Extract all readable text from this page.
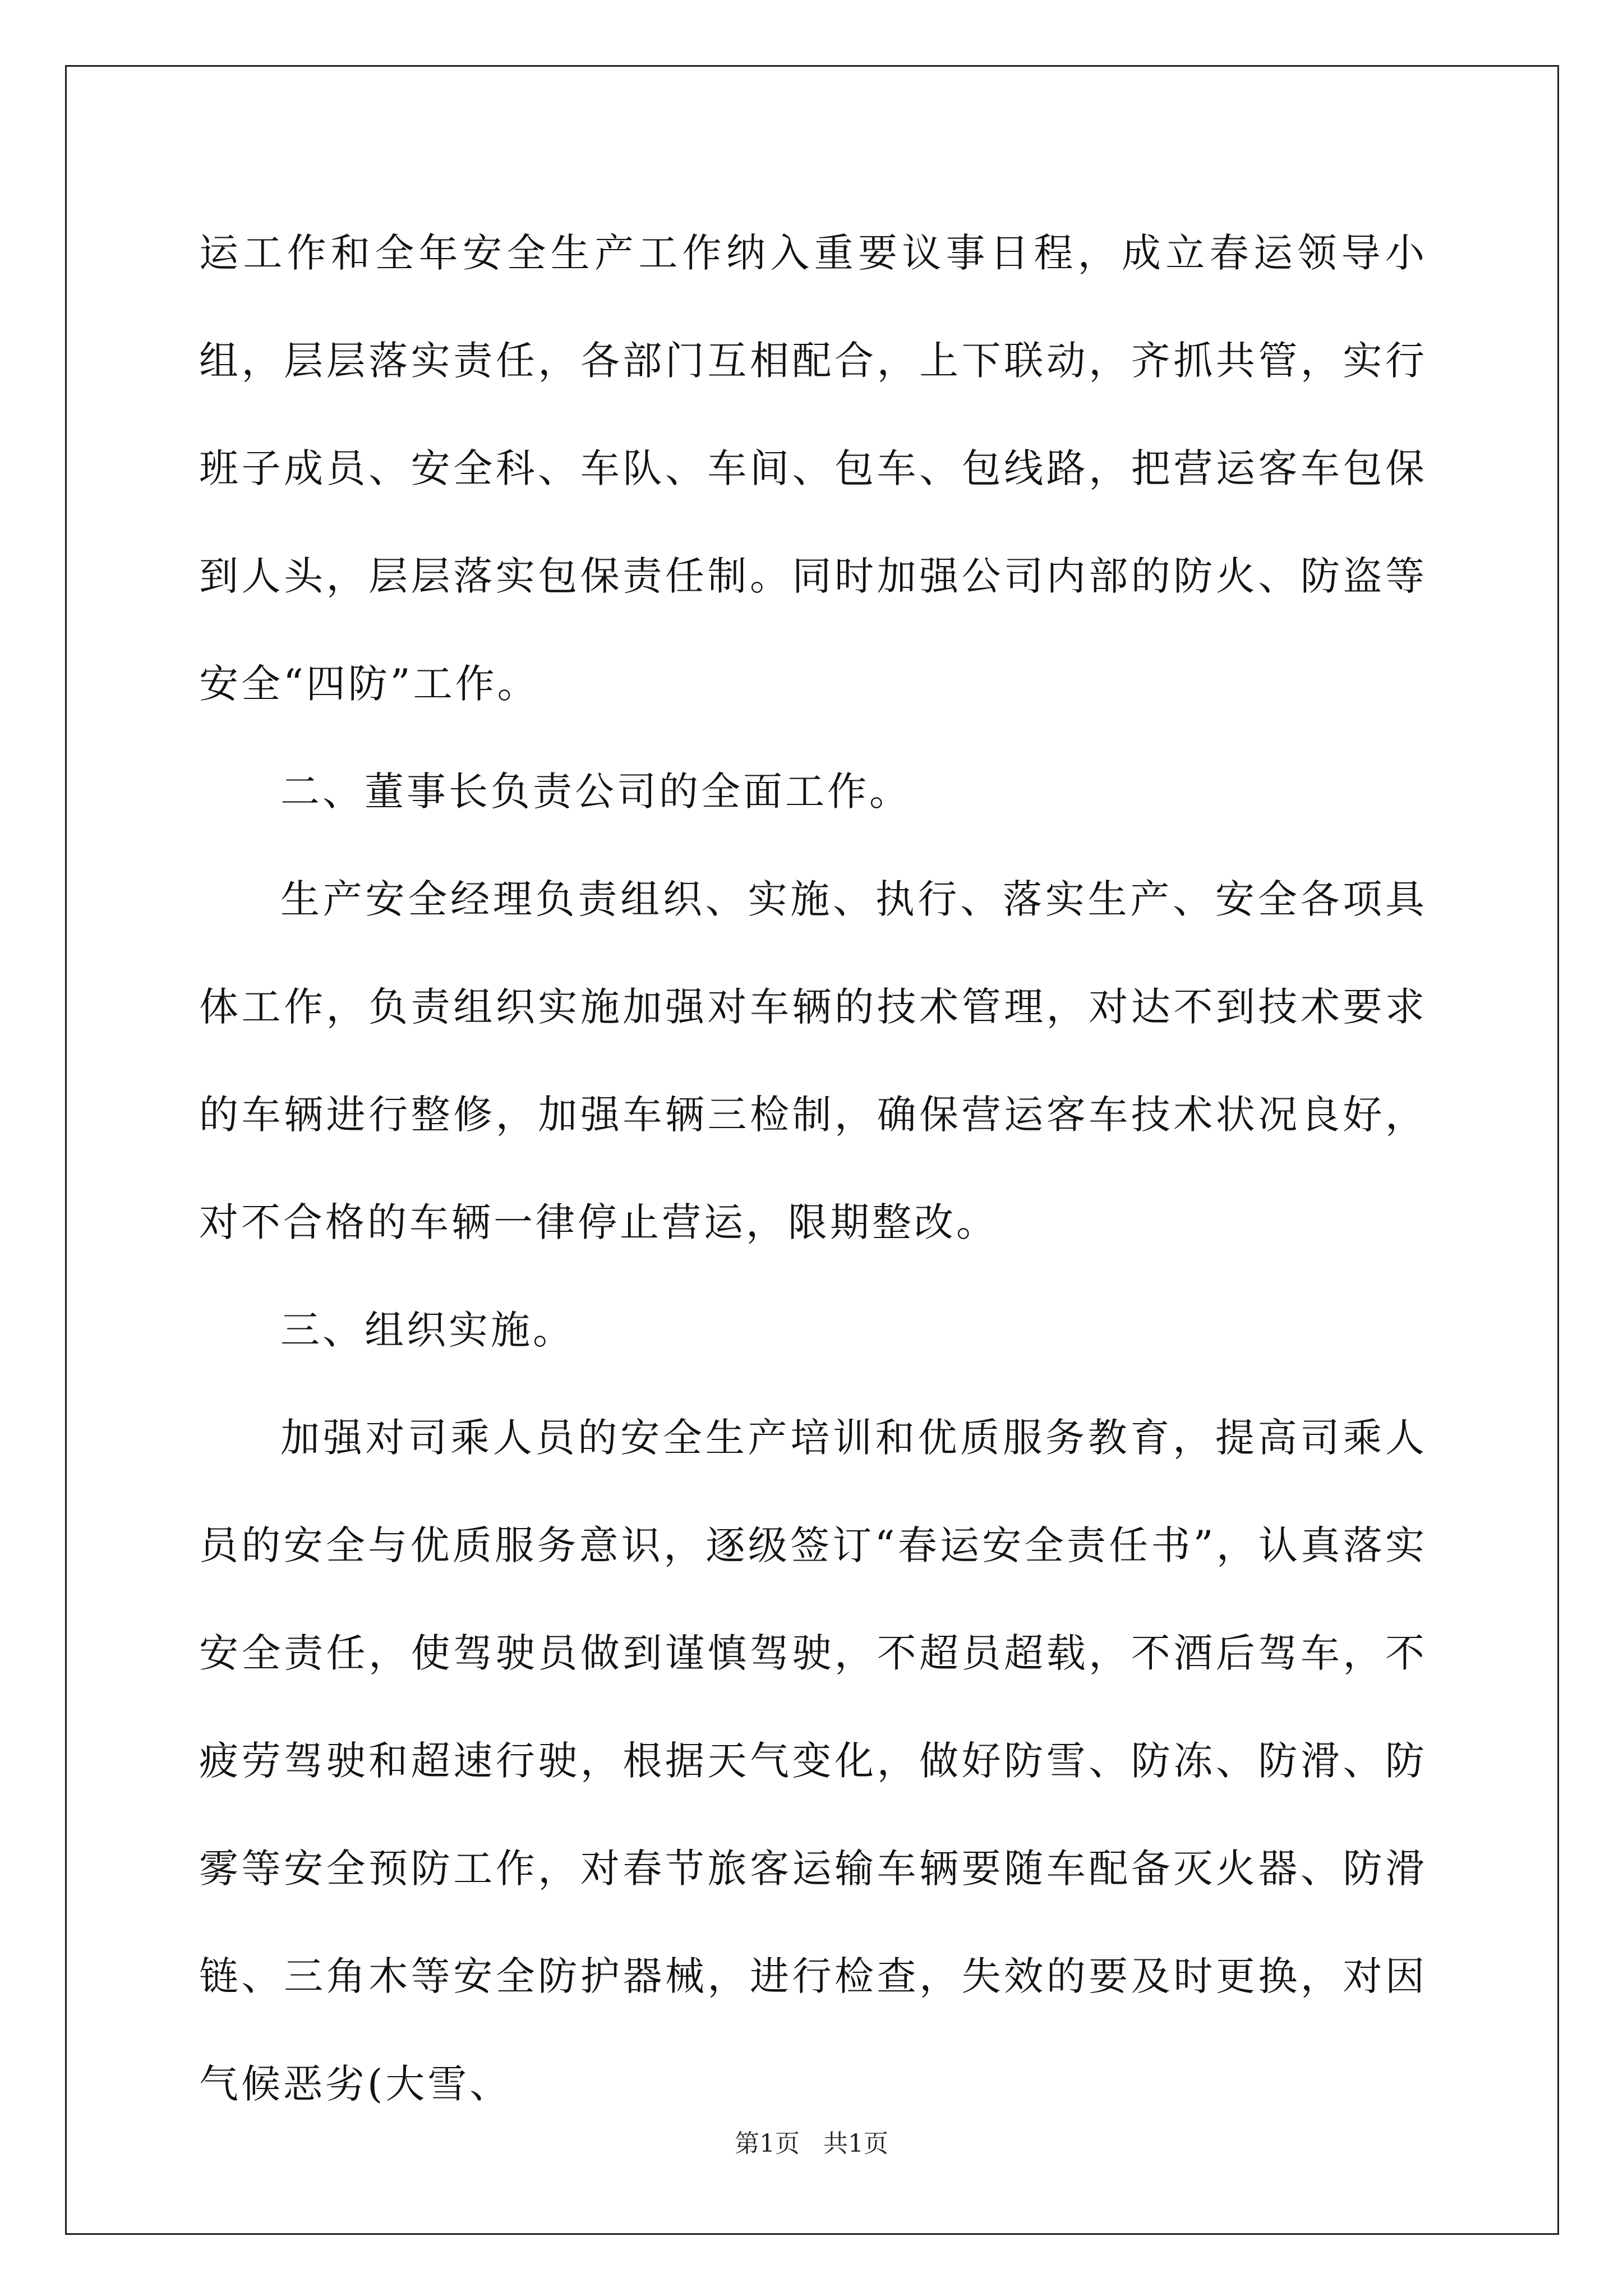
运工作和全年安全生产工作纳入重要议事日程，成立春运领导小组，层层落实责任，各部门互相配合，上下联动，齐抓共管，实行班子成员、安全科、车队、车间、包车、包线路，把营运客车包保到人头，层层落实包保责任制。同时加强公司内部的防火、防盗等安全“四防”工作。

二、董事长负责公司的全面工作。

生产安全经理负责组织、实施、执行、落实生产、安全各项具体工作，负责组织实施加强对车辆的技术管理，对达不到技术要求的车辆进行整修，加强车辆三检制，确保营运客车技术状况良好，对不合格的车辆一律停止营运，限期整改。

三、组织实施。

加强对司乘人员的安全生产培训和优质服务教育，提高司乘人员的安全与优质服务意识，逐级签订“春运安全责任书”，认真落实安全责任，使驾驶员做到谨慎驾驶，不超员超载，不酒后驾车，不疲劳驾驶和超速行驶，根据天气变化，做好防雪、防冻、防滑、防雾等安全预防工作，对春节旅客运输车辆要随车配备灭火器、防滑链、三角木等安全防护器械，进行检查，失效的要及时更换，对因气候恶劣(大雪、

第1页 共1页
